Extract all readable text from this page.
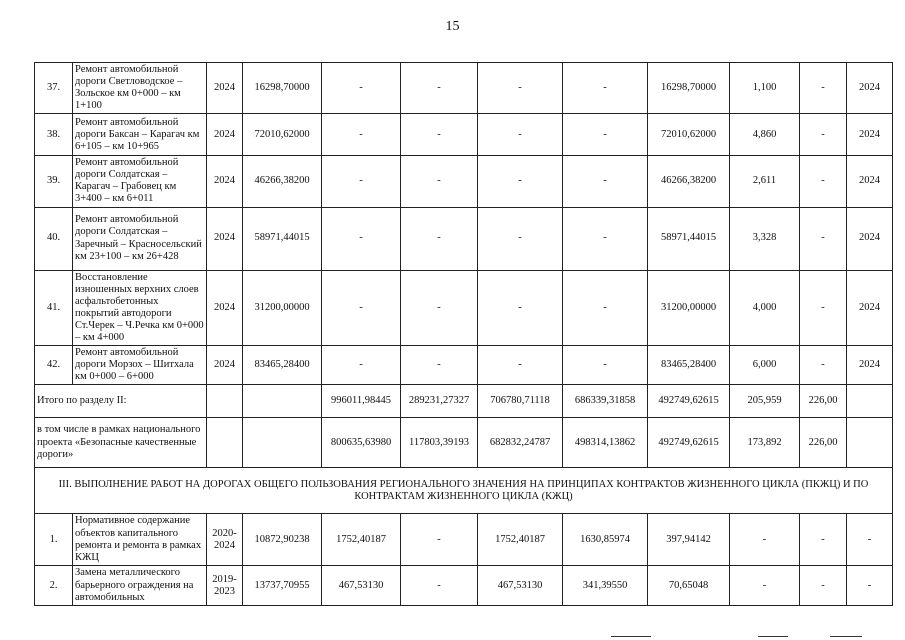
15
37.	Ремонт автомобильной дороги Светловодское – Зольское км 0+000 – км 1+100	2024	16298,70000	-	-	-	-	16298,70000	1,100	-	2024
38.	Ремонт автомобильной дороги Баксан – Карагач км 6+105 – км 10+965	2024	72010,62000	-	-	-	-	72010,62000	4,860	-	2024
39.	Ремонт автомобильной дороги Солдатская – Карагач – Грабовец км 3+400 – км 6+011	2024	46266,38200	-	-	-	-	46266,38200	2,611	-	2024
40.	Ремонт автомобильной дороги Солдатская – Заречный – Красносельский км 23+100 – км 26+428	2024	58971,44015	-	-	-	-	58971,44015	3,328	-	2024
41.	Восстановление изношенных верхних слоев асфальтобетонных покрытий автодороги Ст.Черек – Ч.Речка км 0+000 – км 4+000	2024	31200,00000	-	-	-	-	31200,00000	4,000	-	2024
42.	Ремонт автомобильной дороги Морзох – Шитхала км 0+000 – 6+000	2024	83465,28400	-	-	-	-	83465,28400	6,000	-	2024
Итого по разделу II:				996011,98445	289231,27327	706780,71118	686339,31858	492749,62615	205,959	226,00	
в том числе в рамках национального проекта «Безопасные качественные дороги»				800635,63980	117803,39193	682832,24787	498314,13862	492749,62615	173,892	226,00	
III. ВЫПОЛНЕНИЕ РАБОТ НА ДОРОГАХ ОБЩЕГО ПОЛЬЗОВАНИЯ РЕГИОНАЛЬНОГО ЗНАЧЕНИЯ НА ПРИНЦИПАХ КОНТРАКТОВ ЖИЗНЕННОГО ЦИКЛА (ПКЖЦ) И ПО КОНТРАКТАМ ЖИЗНЕННОГО ЦИКЛА (КЖЦ)											
1.	Нормативное содержание объектов капитального ремонта и ремонта в рамках КЖЦ	2020-2024	10872,90238	1752,40187	-	1752,40187	1630,85974	397,94142	-	-	-
2.	Замена металлического барьерного ограждения на автомобильных	2019-2023	13737,70955	467,53130	-	467,53130	341,39550	70,65048	-	-	-
